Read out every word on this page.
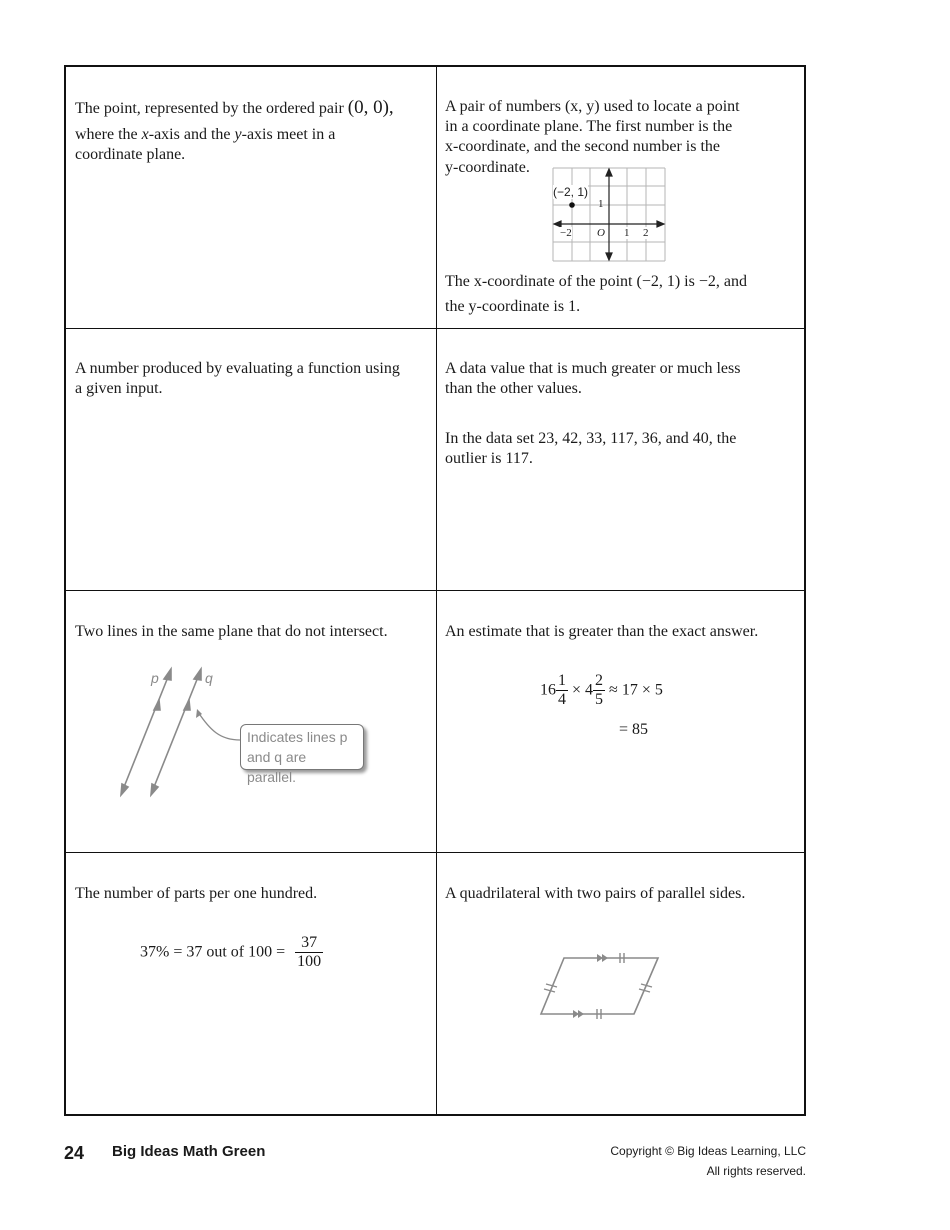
The point, represented by the ordered pair (0, 0),
where the x-axis and the y-axis meet in a
coordinate plane.
A pair of numbers (x, y) used to locate a point
in a coordinate plane. The first number is the
x-coordinate, and the second number is the
y-coordinate.
(−2, 1)
1
−2 O 1 2
The x-coordinate of the point (−2, 1) is −2, and
the y-coordinate is 1.
A number produced by evaluating a function using
a given input.
A data value that is much greater or much less
than the other values.
In the data set 23, 42, 33, 117, 36, and 40, the
outlier is 117.
Two lines in the same plane that do not intersect.
p	q
Indicates lines p
and q are parallel.
An estimate that is greater than the exact answer.
$16 \frac{1}{4} \times 4 \frac{2}{5} \approx 17 \times 5$
= 85
The number of parts per one hundred.
37% = 37 out of $100 = \frac{37}{100}$
A quadrilateral with two pairs of parallel sides.
24 Big Ideas Math Green	Copyright © Big Ideas Learning, LLC
All rights reserved.
